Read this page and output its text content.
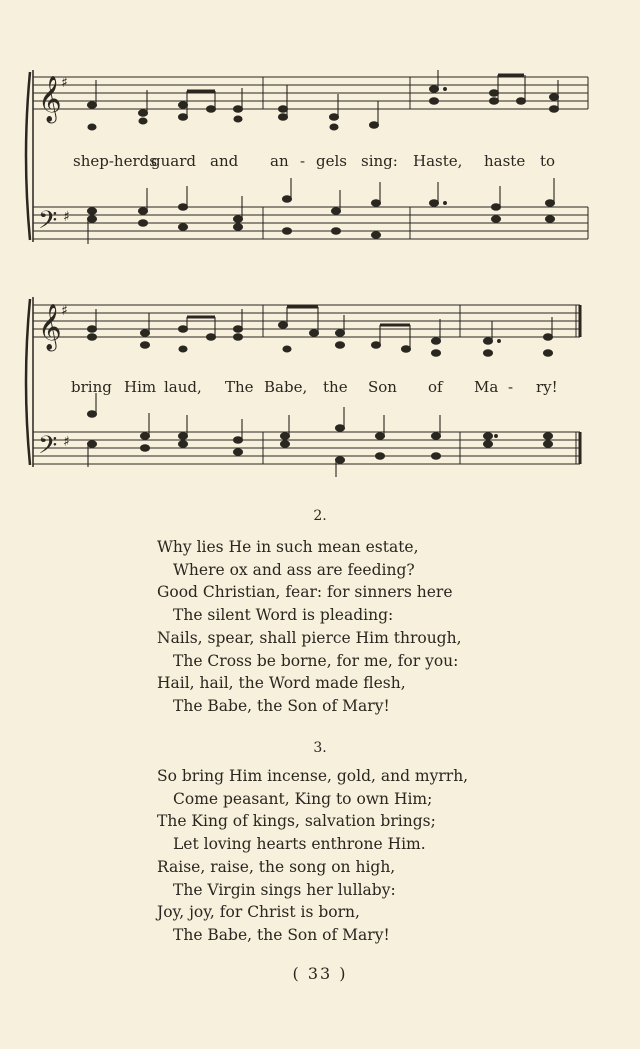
𝄞
𝄢
♯
♯
shep-herds
guard and an - gels sing: Haste, haste to
𝄞
𝄢
♯
♯
bring Him laud, The Babe, the Son of Ma - ry!
2.
Why lies He in such mean estate,
Where ox and ass are feeding?
Good Christian, fear: for sinners here
The silent Word is pleading:
Nails, spear, shall pierce Him through,
The Cross be borne, for me, for you:
Hail, hail, the Word made flesh,
The Babe, the Son of Mary!
3.
So bring Him incense, gold, and myrrh,
Come peasant, King to own Him;
The King of kings, salvation brings;
Let loving hearts enthrone Him.
Raise, raise, the song on high,
The Virgin sings her lullaby:
Joy, joy, for Christ is born,
The Babe, the Son of Mary!
( 33 )
